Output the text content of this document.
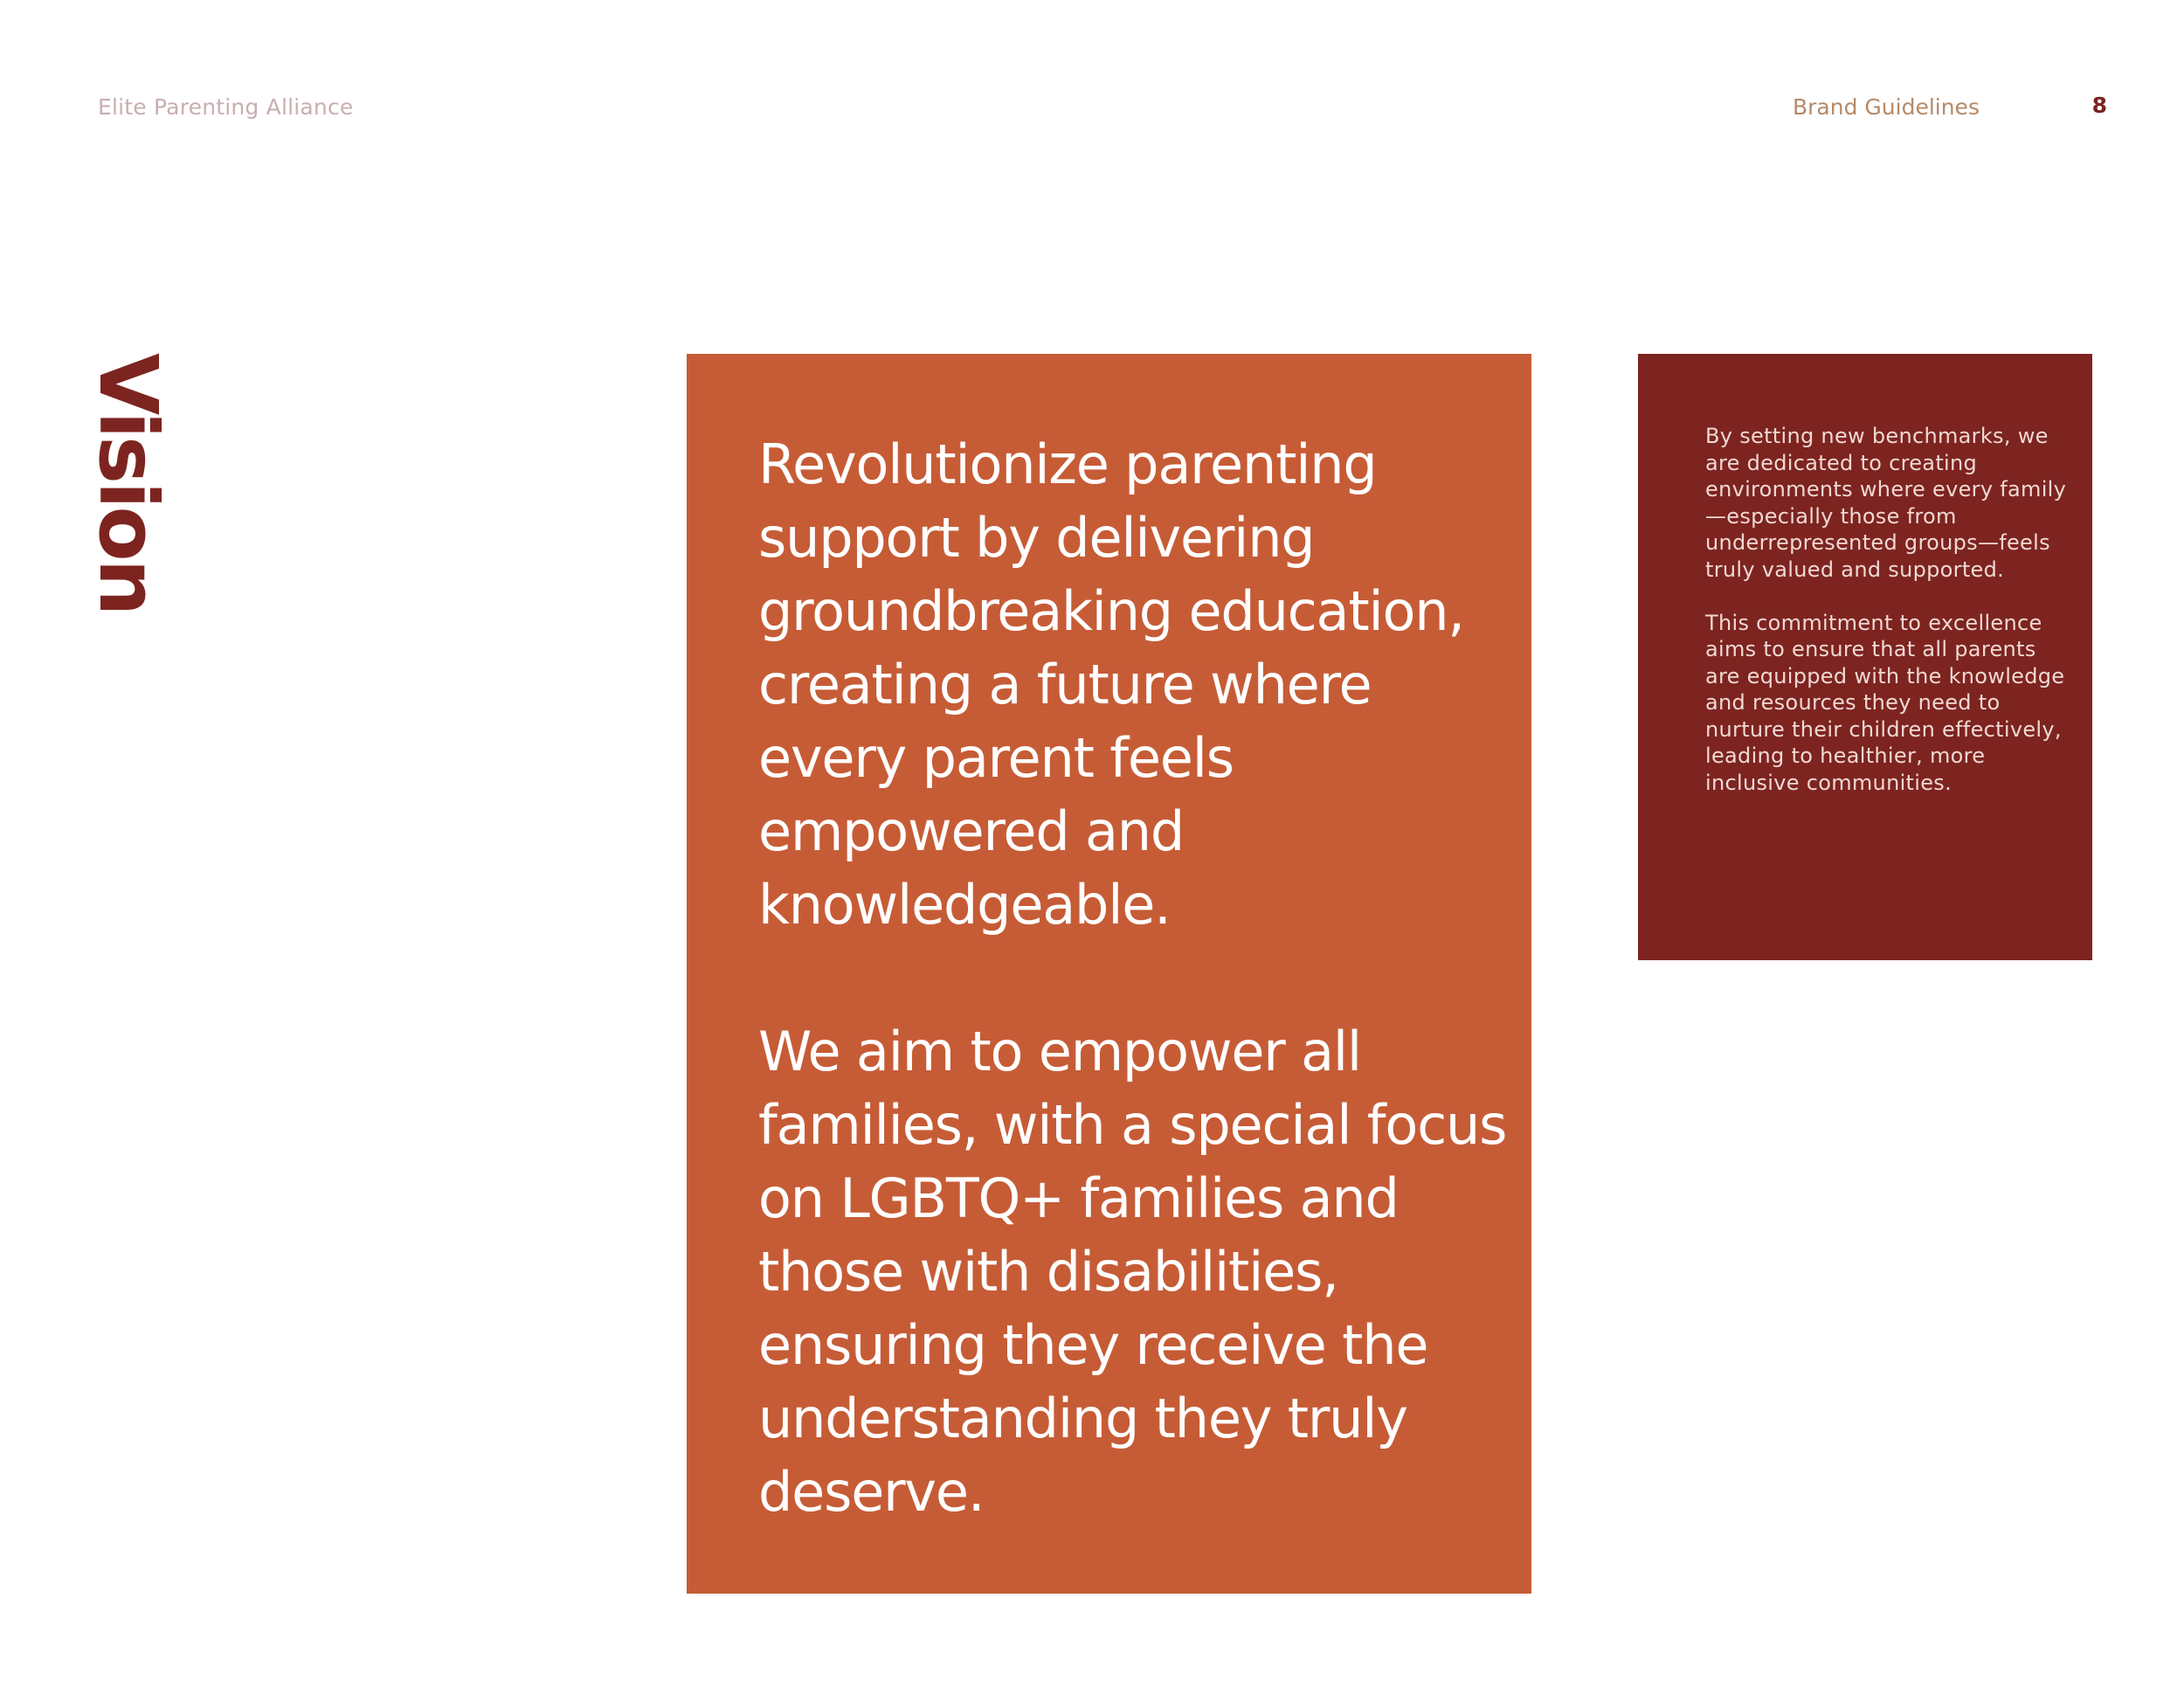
Elite Parenting Alliance	Brand Guidelines	8
Vision	Revolutionize parenting support by delivering groundbreaking education, creating a future where every parent feels empowered and knowledgeable.

We aim to empower all families, with a special focus on LGBTQ+ families and those with disabilities, ensuring they receive the understanding they truly deserve.

By setting new benchmarks, we are dedicated to creating environments where every family—especially those from underrepresented groups—feels truly valued and supported.

This commitment to excellence aims to ensure that all parents are equipped with the knowledge and resources they need to nurture their children effectively, leading to healthier, more inclusive communities.
